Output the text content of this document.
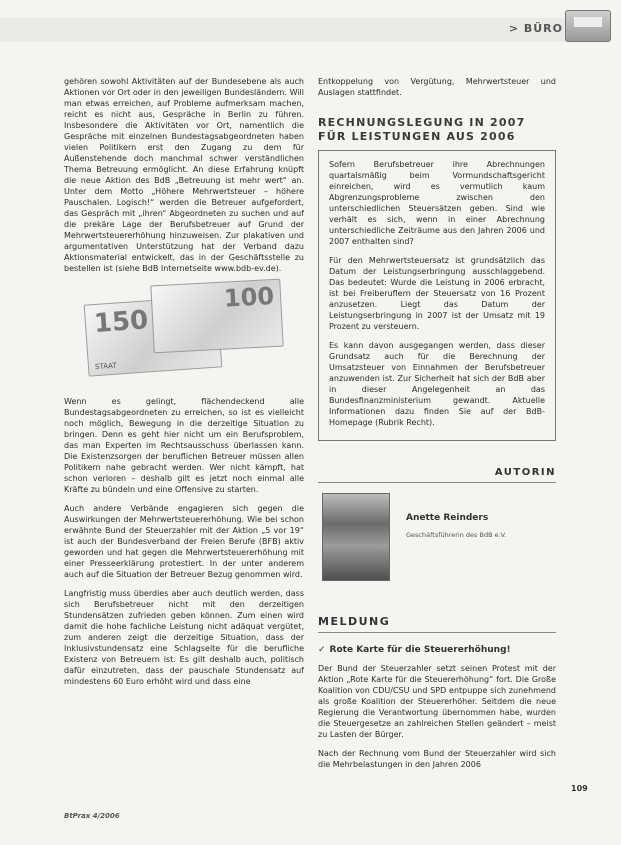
> BÜRO

gehören sowohl Aktivitäten auf der Bundesebene als auch Aktionen vor Ort oder in den jeweiligen Bundesländern. Will man etwas erreichen, auf Probleme aufmerksam machen, reicht es nicht aus, Gespräche in Berlin zu führen. Insbesondere die Aktivitäten vor Ort, namentlich die Gespräche mit einzelnen Bundestagsabgeordneten haben vielen Politikern erst den Zugang zu dem für Außenstehende doch manchmal schwer verständlichen Thema Betreuung ermöglicht. An diese Erfahrung knüpft die neue Aktion des BdB „Betreuung ist mehr wert“ an. Unter dem Motto „Höhere Mehrwertsteuer – höhere Pauschalen. Logisch!“ werden die Betreuer aufgefordert, das Gespräch mit „ihren“ Abgeordneten zu suchen und auf die prekäre Lage der Berufsbetreuer auf Grund der Mehrwertsteuererhöhung hinzuweisen. Zur plakativen und argumentativen Unterstützung hat der Verband dazu Aktionsmaterial entwickelt, das in der Geschäftsstelle zu bestellen ist (siehe BdB Internetseite www.bdb-ev.de).

150
STAAT
100

Wenn es gelingt, flächendeckend alle Bundestagsabgeordneten zu erreichen, so ist es vielleicht noch möglich, Bewegung in die derzeitige Situation zu bringen. Denn es geht hier nicht um ein Berufsproblem, das man Experten im Rechtsausschuss überlassen kann. Die Existenzsorgen der beruflichen Betreuer müssen allen Politikern nahe gebracht werden. Wer nicht kämpft, hat schon verloren – deshalb gilt es jetzt noch einmal alle Kräfte zu bündeln und eine Offensive zu starten.

Auch andere Verbände engagieren sich gegen die Auswirkungen der Mehrwertsteuererhöhung. Wie bei schon erwähnte Bund der Steuerzahler mit der Aktion „5 vor 19“ ist auch der Bundesverband der Freien Berufe (BFB) aktiv geworden und hat gegen die Mehrwertsteuererhöhung mit einer Presseerklärung protestiert. In der unter anderem auch auf die Situation der Betreuer Bezug genommen wird.

Langfristig muss überdies aber auch deutlich werden, dass sich Berufsbetreuer nicht mit den derzeitigen Stundensätzen zufrieden geben können. Zum einen wird damit die hohe fachliche Leistung nicht adäquat vergütet, zum anderen zeigt die derzeitige Situation, dass der Inklusivstundensatz eine Schlagseite für die berufliche Existenz von Betreuern ist. Es gilt deshalb auch, politisch dafür einzutreten, dass der pauschale Stundensatz auf mindestens 60 Euro erhöht wird und dass eine

Entkoppelung von Vergütung, Mehrwertsteuer und Auslagen stattfindet.

RECHNUNGSLEGUNG IN 2007 FÜR LEISTUNGEN AUS 2006

Sofern Berufsbetreuer ihre Abrechnungen quartalsmäßig beim Vormundschaftsgericht einreichen, wird es vermutlich kaum Abgrenzungsprobleme zwischen den unterschiedlichen Steuersätzen geben. Sind wie verhält es sich, wenn in einer Abrechnung unterschiedliche Zeiträume aus den Jahren 2006 und 2007 enthalten sind?

Für den Mehrwertsteuersatz ist grundsätzlich das Datum der Leistungserbringung ausschlaggebend. Das bedeutet: Wurde die Leistung in 2006 erbracht, ist bei Freiberuflern der Steuersatz von 16 Prozent anzusetzen. Liegt das Datum der Leistungserbringung in 2007 ist der Umsatz mit 19 Prozent zu versteuern.

Es kann davon ausgegangen werden, dass dieser Grundsatz auch für die Berechnung der Umsatzsteuer von Einnahmen der Berufsbetreuer anzuwenden ist. Zur Sicherheit hat sich der BdB aber in dieser Angelegenheit an das Bundesfinanzministerium gewandt. Aktuelle Informationen dazu finden Sie auf der BdB-Homepage (Rubrik Recht).

AUTORIN
Anette Reinders
Geschäftsführerin des BdB e.V.
MELDUNG
✓ Rote Karte für die Steuererhöhung!

Der Bund der Steuerzahler setzt seinen Protest mit der Aktion „Rote Karte für die Steuererhöhung“ fort. Die Große Koalition von CDU/CSU und SPD entpuppe sich zunehmend als große Koalition der Steuererhöher. Seitdem die neue Regierung die Verantwortung übernommen habe, wurden die Steuergesetze an zahlreichen Stellen geändert – meist zu Lasten der Bürger.

Nach der Rechnung vom Bund der Steuerzahler wird sich die Mehrbelastungen in den Jahren 2006

BtPrax 4/2006
109
